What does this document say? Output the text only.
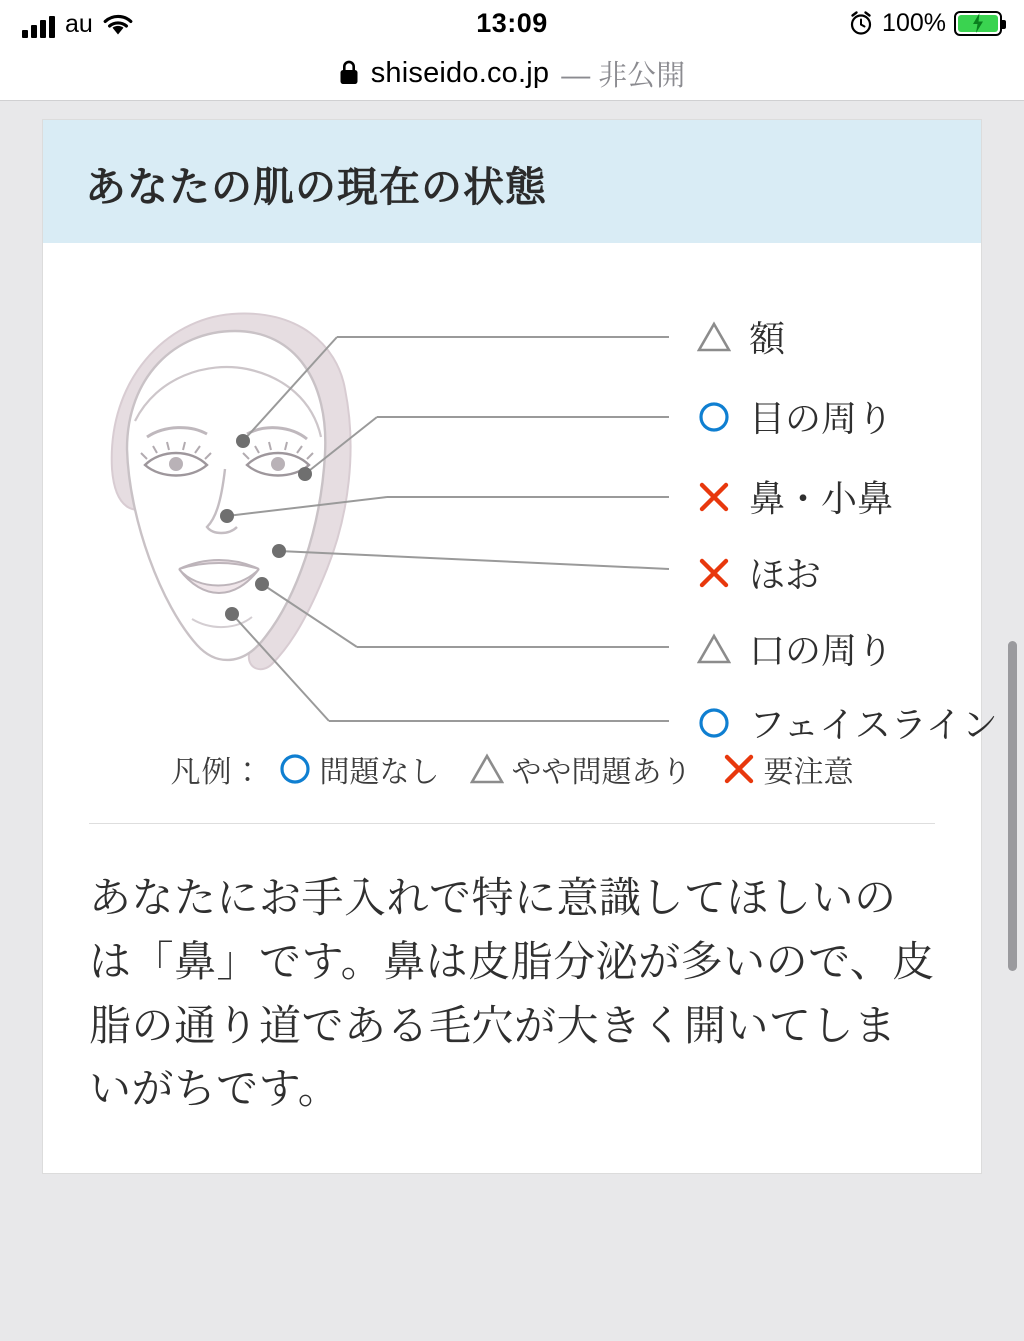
au	13:09	100%
shiseido.co.jp — 非公開
あなたの肌の現在の状態
額
目の周り
鼻・小鼻
ほお
口の周り
フェイスライン
凡例： 問題なし やや問題あり 要注意
あなたにお手入れで特に意識してほしいのは「鼻」です。鼻は皮脂分泌が多いので、皮脂の通り道である毛穴が大きく開いてしまいがちです。
